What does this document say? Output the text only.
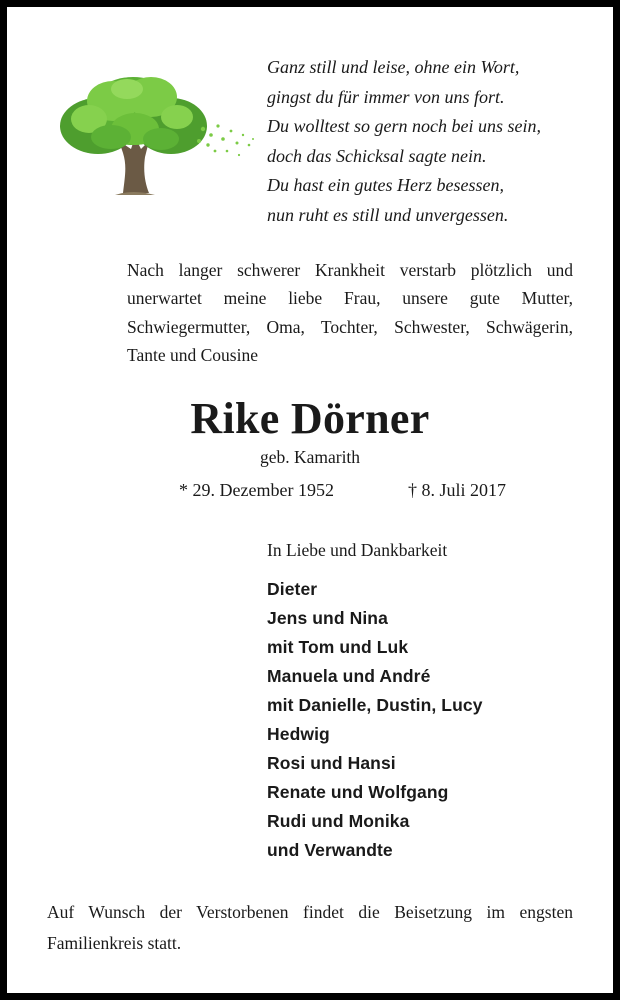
Ganz still und leise, ohne ein Wort,
gingst du für immer von uns fort.
Du wolltest so gern noch bei uns sein,
doch das Schicksal sagte nein.
Du hast ein gutes Herz besessen,
nun ruht es still und unvergessen.
Nach langer schwerer Krankheit verstarb plötzlich und
unerwartet meine liebe Frau, unsere gute Mutter,
Schwiegermutter, Oma, Tochter, Schwester, Schwägerin,
Tante und Cousine
Rike Dörner
geb. Kamarith
* 29. Dezember 1952	† 8. Juli 2017
In Liebe und Dankbarkeit
Dieter
Jens und Nina
mit Tom und Luk
Manuela und André
mit Danielle, Dustin, Lucy
Hedwig
Rosi und Hansi
Renate und Wolfgang
Rudi und Monika
und Verwandte
Auf Wunsch der Verstorbenen findet die Beisetzung im engsten
Familienkreis statt.
